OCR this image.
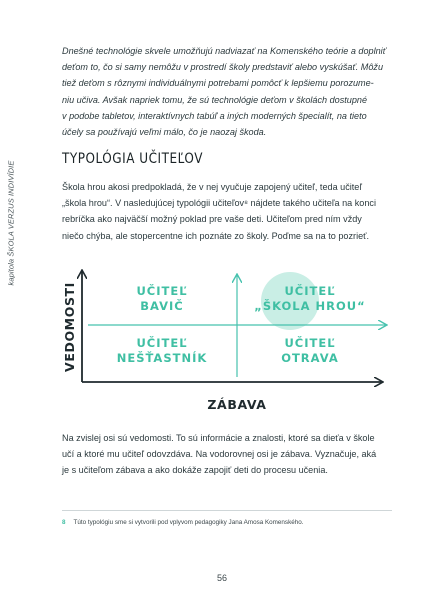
kapitola ŠKOLA VERZUS INDIVÍDIE
Dnešné technológie skvele umožňujú nadviazať na Komenského teórie a doplniť
deťom to, čo si samy nemôžu v prostredí školy predstaviť alebo vyskúšať. Môžu
tiež deťom s rôznymi individuálnymi potrebami pomôcť k lepšiemu porozume-
niu učiva. Avšak napriek tomu, že sú technológie deťom v školách dostupné
v podobe tabletov, interaktívnych tabúľ a iných moderných špecialít, na tieto
účely sa používajú veľmi málo, čo je naozaj škoda.
TYPOLÓGIA UČITEĽOV
Škola hrou akosi predpokladá, že v nej vyučuje zapojený učiteľ, teda učiteľ
„škola hrou“. V nasledujúcej typológii učiteľov⁸ nájdete takého učiteľa na konci
rebríčka ako najväčší možný poklad pre vaše deti. Učiteľom pred ním vždy
niečo chýba, ale stopercentne ich poznáte zo školy. Poďme sa na to pozrieť.
UČITEĽ
BAVIČ
UČITEĽ
„ŠKOLA HROU“
UČITEĽ
NEŠŤASTNÍK
UČITEĽ
OTRAVA
VEDOMOSTI
ZÁBAVA
Na zvislej osi sú vedomosti. To sú informácie a znalosti, ktoré sa dieťa v škole
učí a ktoré mu učiteľ odovzdáva. Na vodorovnej osi je zábava. Vyznačuje, aká
je s učiteľom zábava a ako dokáže zapojiť deti do procesu učenia.
8 Túto typológiu sme si vytvorili pod vplyvom pedagogiky Jana Amosa Komenského.
56
